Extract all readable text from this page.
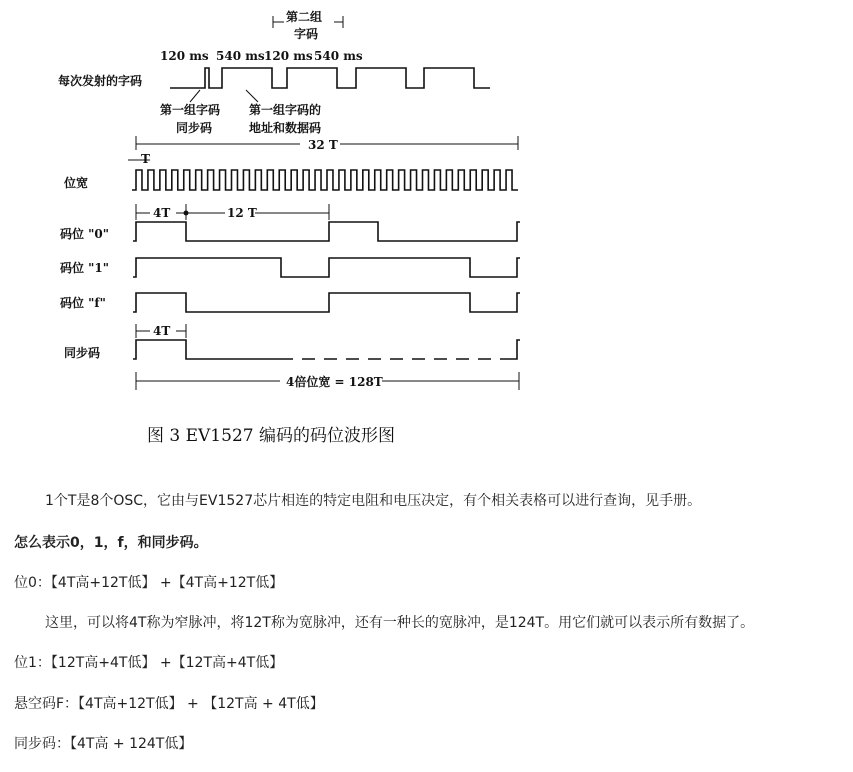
第二组
字码
120 ms 540 ms 120 ms 540 ms
每次发射的字码
第一组字码
同步码
第一组字码的
地址和数据码
32 T
T
位宽
4T	12 T
码位 "0"
码位 "1"
码位 "f"
4T
同步码
4倍位宽 = 128T
图 3 EV1527 编码的码位波形图
1个T是8个OSC，它由与EV1527芯片相连的特定电阻和电压决定，有个相关表格可以进行查询，见手册。
怎么表示0，1，f，和同步码。
位0：【4T高+12T低】 +【4T高+12T低】
这里，可以将4T称为窄脉冲，将12T称为宽脉冲，还有一种长的宽脉冲，是124T。用它们就可以表示所有数据了。
位1：【12T高+4T低】 +【12T高+4T低】
悬空码F：【4T高+12T低】 + 【12T高 + 4T低】
同步码：【4T高 + 124T低】
